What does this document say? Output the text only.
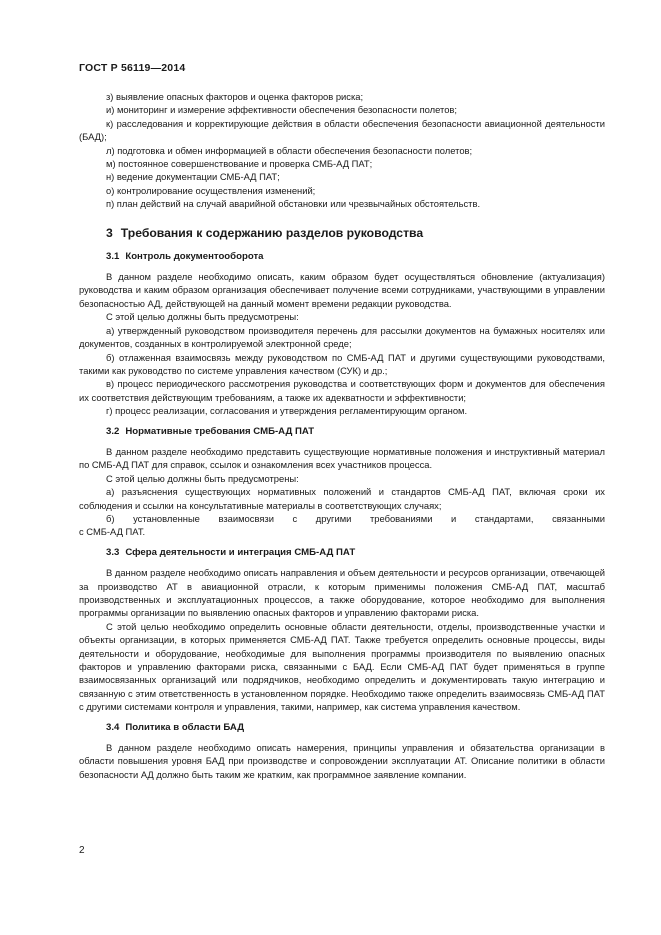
ГОСТ Р 56119—2014
з) выявление опасных факторов и оценка факторов риска;
и) мониторинг и измерение эффективности обеспечения безопасности полетов;
к) расследования и корректирующие действия в области обеспечения безопасности авиационной деятельности (БАД);
л) подготовка и обмен информацией в области обеспечения безопасности полетов;
м) постоянное совершенствование и проверка СМБ-АД ПАТ;
н) ведение документации СМБ-АД ПАТ;
о) контролирование осуществления изменений;
п) план действий на случай аварийной обстановки или чрезвычайных обстоятельств.
3 Требования к содержанию разделов руководства
3.1 Контроль документооборота
В данном разделе необходимо описать, каким образом будет осуществляться обновление (актуализация) руководства и каким образом организация обеспечивает получение всеми сотрудниками, участвующими в управлении безопасностью АД, действующей на данный момент времени редакции руководства.
С этой целью должны быть предусмотрены:
а) утвержденный руководством производителя перечень для рассылки документов на бумажных носителях или документов, созданных в контролируемой электронной среде;
б) отлаженная взаимосвязь между руководством по СМБ-АД ПАТ и другими существующими руководствами, такими как руководство по системе управления качеством (СУК) и др.;
в) процесс периодического рассмотрения руководства и соответствующих форм и документов для обеспечения их соответствия действующим требованиям, а также их адекватности и эффективности;
г) процесс реализации, согласования и утверждения регламентирующим органом.
3.2 Нормативные требования СМБ-АД ПАТ
В данном разделе необходимо представить существующие нормативные положения и инструктивный материал по СМБ-АД ПАТ для справок, ссылок и ознакомления всех участников процесса.
С этой целью должны быть предусмотрены:
а) разъяснения существующих нормативных положений и стандартов СМБ-АД ПАТ, включая сроки их соблюдения и ссылки на консультативные материалы в соответствующих случаях;
б) установленные взаимосвязи с другими требованиями и стандартами, связанными
с СМБ-АД ПАТ.
3.3 Сфера деятельности и интеграция СМБ-АД ПАТ
В данном разделе необходимо описать направления и объем деятельности и ресурсов организации, отвечающей за производство АТ в авиационной отрасли, к которым применимы положения СМБ-АД ПАТ, масштаб производственных и эксплуатационных процессов, а также оборудование, которое необходимо для выполнения программы организации по выявлению опасных факторов и управлению факторами риска.
С этой целью необходимо определить основные области деятельности, отделы, производственные участки и объекты организации, в которых применяется СМБ-АД ПАТ. Также требуется определить основные процессы, виды деятельности и оборудование, необходимые для выполнения программы производителя по выявлению опасных факторов и управлению факторами риска, связанными с БАД. Если СМБ-АД ПАТ будет применяться в группе взаимосвязанных организаций или подрядчиков, необходимо определить и документировать такую интеграцию и связанную с этим ответственность в установленном порядке. Необходимо также определить взаимосвязь СМБ-АД ПАТ с другими системами контроля и управления, такими, например, как система управления качеством.
3.4 Политика в области БАД
В данном разделе необходимо описать намерения, принципы управления и обязательства организации в области повышения уровня БАД при производстве и сопровождении эксплуатации АТ. Описание политики в области безопасности АД должно быть таким же кратким, как программное заявление компании.
2
